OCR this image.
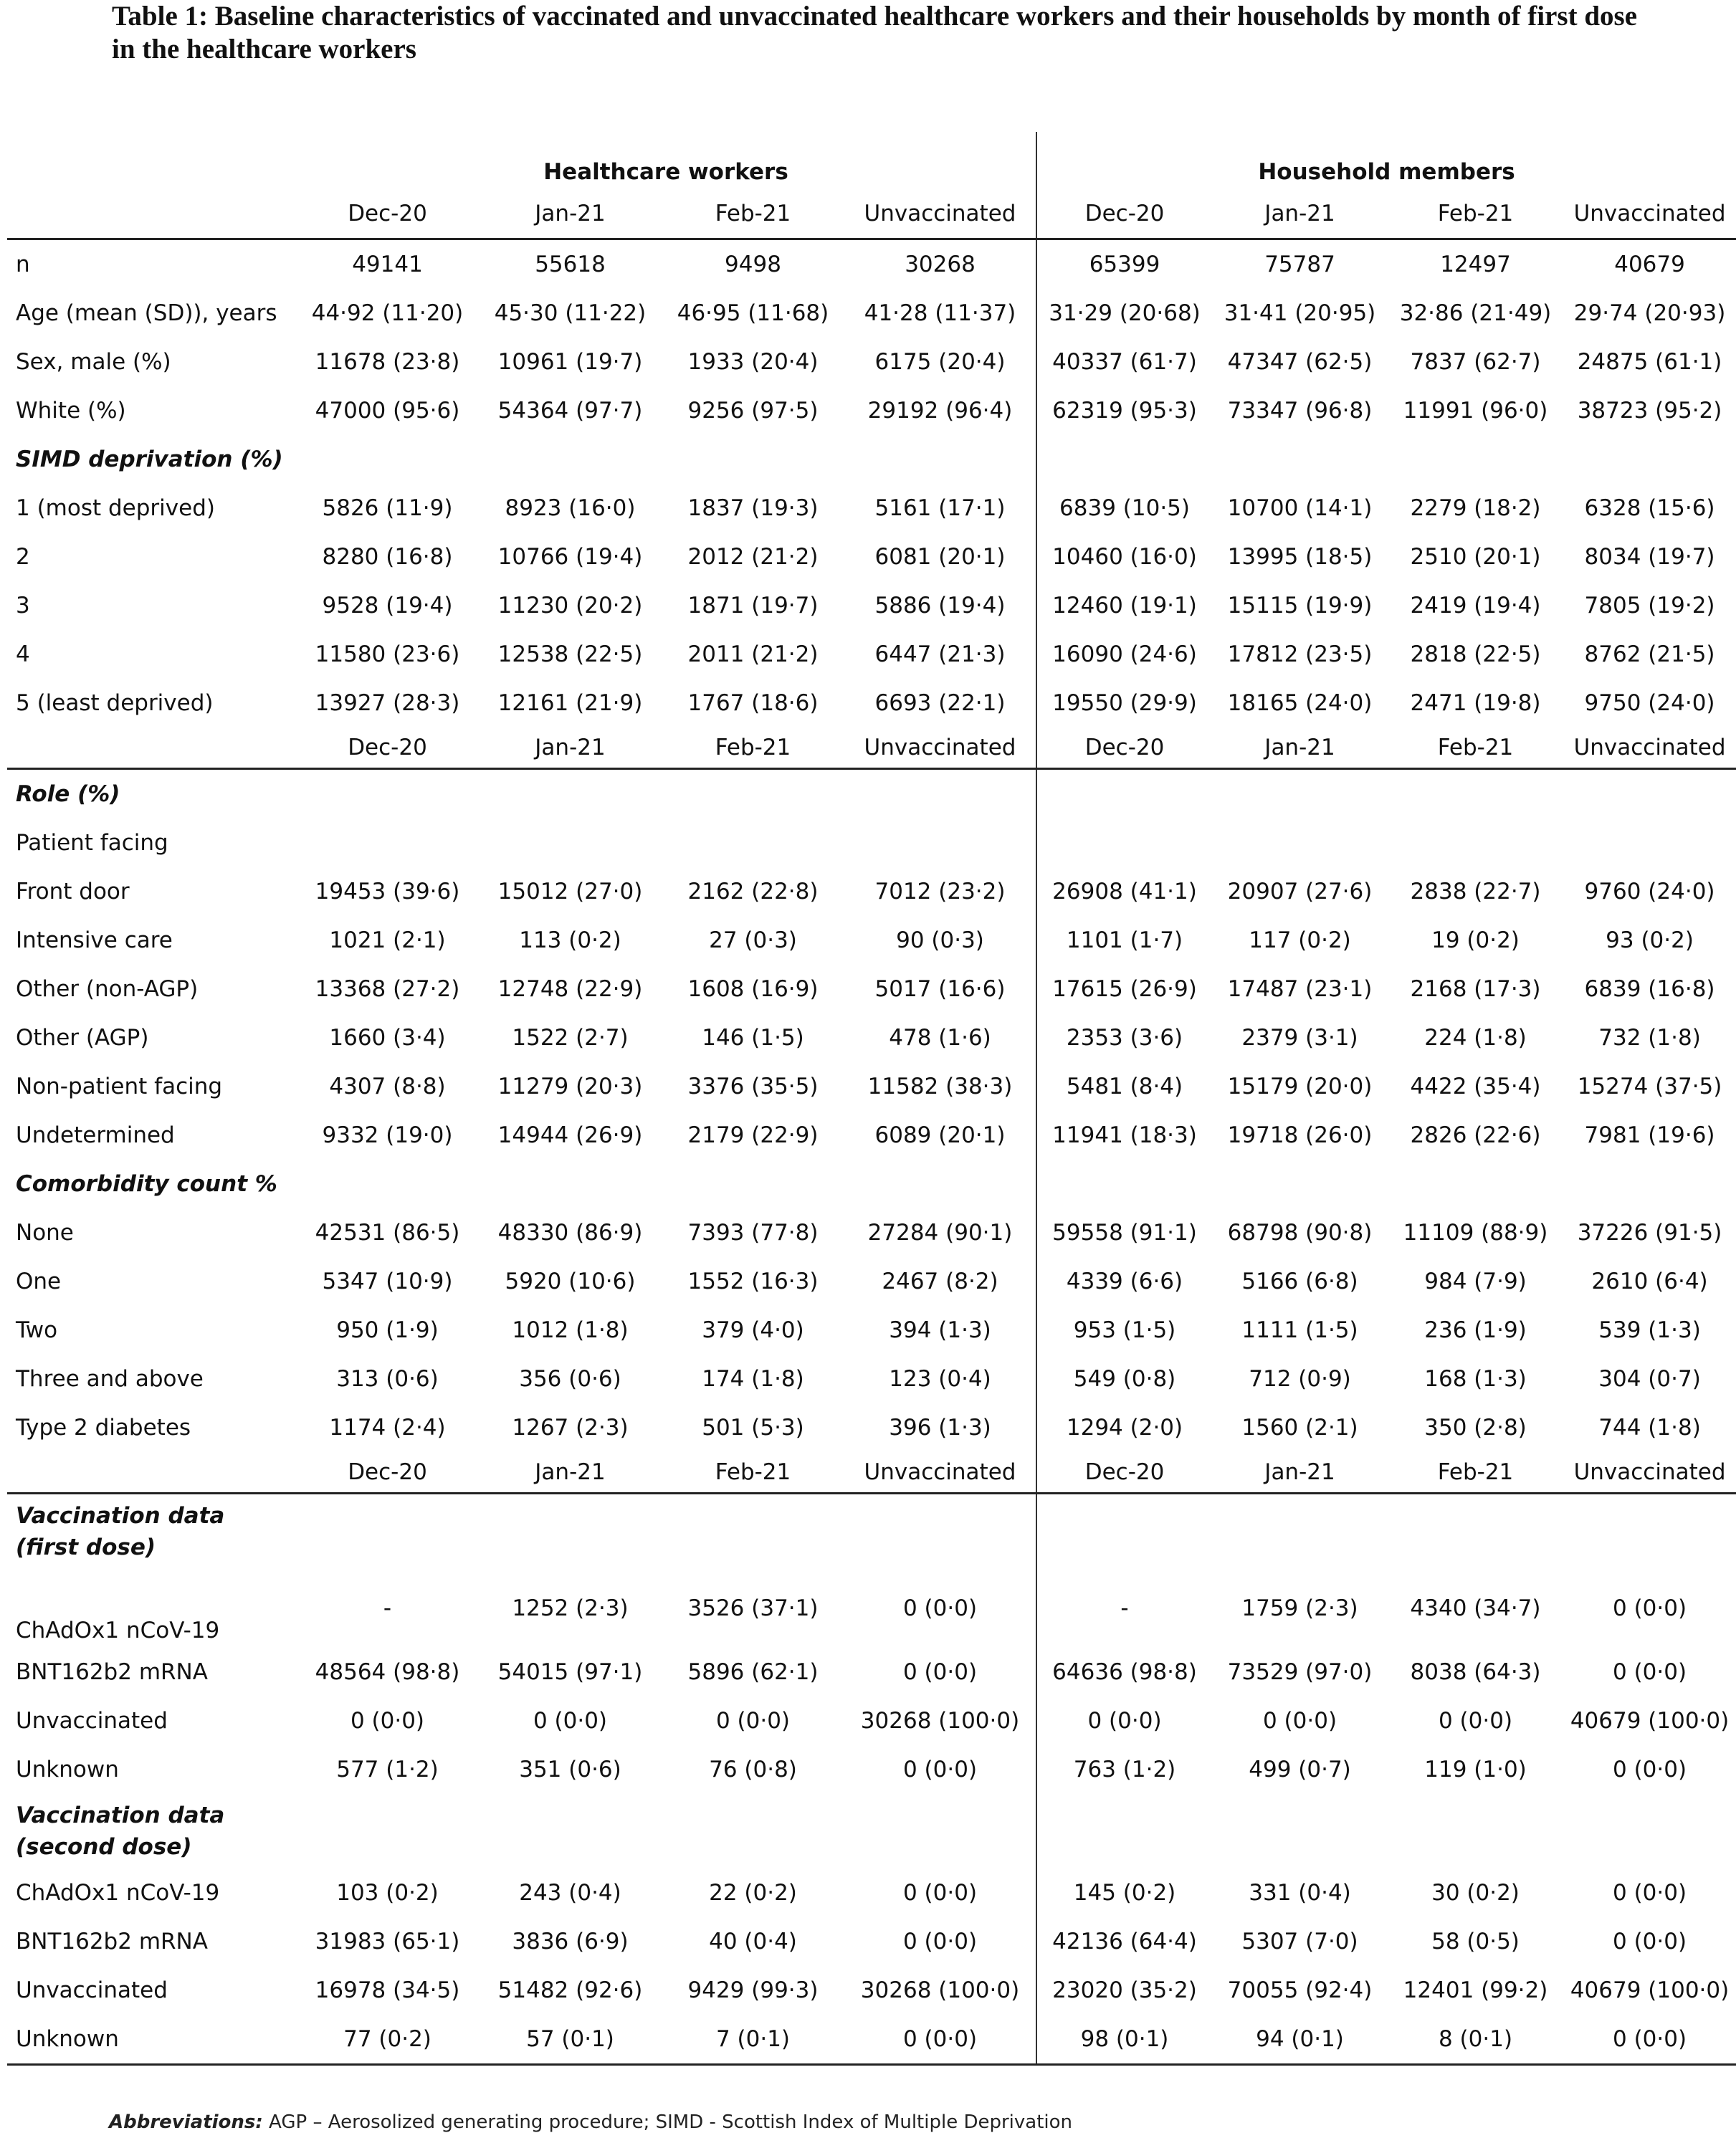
Table 1: Baseline characteristics of vaccinated and unvaccinated healthcare workers and their households by month of first dose in the healthcare workers
	Healthcare workers				Household members			
	Dec-20	Jan-21	Feb-21	Unvaccinated	Dec-20	Jan-21	Feb-21	Unvaccinated
n	49141	55618	9498	30268	65399	75787	12497	40679
Age (mean (SD)), years	44·92 (11·20)	45·30 (11·22)	46·95 (11·68)	41·28 (11·37)	31·29 (20·68)	31·41 (20·95)	32·86 (21·49)	29·74 (20·93)
Sex, male (%)	11678 (23·8)	10961 (19·7)	1933 (20·4)	6175 (20·4)	40337 (61·7)	47347 (62·5)	7837 (62·7)	24875 (61·1)
White (%)	47000 (95·6)	54364 (97·7)	9256 (97·5)	29192 (96·4)	62319 (95·3)	73347 (96·8)	11991 (96·0)	38723 (95·2)
SIMD deprivation (%)								
1 (most deprived)	5826 (11·9)	8923 (16·0)	1837 (19·3)	5161 (17·1)	6839 (10·5)	10700 (14·1)	2279 (18·2)	6328 (15·6)
2	8280 (16·8)	10766 (19·4)	2012 (21·2)	6081 (20·1)	10460 (16·0)	13995 (18·5)	2510 (20·1)	8034 (19·7)
3	9528 (19·4)	11230 (20·2)	1871 (19·7)	5886 (19·4)	12460 (19·1)	15115 (19·9)	2419 (19·4)	7805 (19·2)
4	11580 (23·6)	12538 (22·5)	2011 (21·2)	6447 (21·3)	16090 (24·6)	17812 (23·5)	2818 (22·5)	8762 (21·5)
5 (least deprived)	13927 (28·3)	12161 (21·9)	1767 (18·6)	6693 (22·1)	19550 (29·9)	18165 (24·0)	2471 (19·8)	9750 (24·0)
	Dec-20	Jan-21	Feb-21	Unvaccinated	Dec-20	Jan-21	Feb-21	Unvaccinated
Role (%)								
Patient facing								
Front door	19453 (39·6)	15012 (27·0)	2162 (22·8)	7012 (23·2)	26908 (41·1)	20907 (27·6)	2838 (22·7)	9760 (24·0)
Intensive care	1021 (2·1)	113 (0·2)	27 (0·3)	90 (0·3)	1101 (1·7)	117 (0·2)	19 (0·2)	93 (0·2)
Other (non-AGP)	13368 (27·2)	12748 (22·9)	1608 (16·9)	5017 (16·6)	17615 (26·9)	17487 (23·1)	2168 (17·3)	6839 (16·8)
Other (AGP)	1660 (3·4)	1522 (2·7)	146 (1·5)	478 (1·6)	2353 (3·6)	2379 (3·1)	224 (1·8)	732 (1·8)
Non-patient facing	4307 (8·8)	11279 (20·3)	3376 (35·5)	11582 (38·3)	5481 (8·4)	15179 (20·0)	4422 (35·4)	15274 (37·5)
Undetermined	9332 (19·0)	14944 (26·9)	2179 (22·9)	6089 (20·1)	11941 (18·3)	19718 (26·0)	2826 (22·6)	7981 (19·6)
Comorbidity count %								
None	42531 (86·5)	48330 (86·9)	7393 (77·8)	27284 (90·1)	59558 (91·1)	68798 (90·8)	11109 (88·9)	37226 (91·5)
One	5347 (10·9)	5920 (10·6)	1552 (16·3)	2467 (8·2)	4339 (6·6)	5166 (6·8)	984 (7·9)	2610 (6·4)
Two	950 (1·9)	1012 (1·8)	379 (4·0)	394 (1·3)	953 (1·5)	1111 (1·5)	236 (1·9)	539 (1·3)
Three and above	313 (0·6)	356 (0·6)	174 (1·8)	123 (0·4)	549 (0·8)	712 (0·9)	168 (1·3)	304 (0·7)
Type 2 diabetes	1174 (2·4)	1267 (2·3)	501 (5·3)	396 (1·3)	1294 (2·0)	1560 (2·1)	350 (2·8)	744 (1·8)
	Dec-20	Jan-21	Feb-21	Unvaccinated	Dec-20	Jan-21	Feb-21	Unvaccinated
Vaccination data (first dose)								
ChAdOx1 nCoV-19	-	1252 (2·3)	3526 (37·1)	0 (0·0)	-	1759 (2·3)	4340 (34·7)	0 (0·0)
BNT162b2 mRNA	48564 (98·8)	54015 (97·1)	5896 (62·1)	0 (0·0)	64636 (98·8)	73529 (97·0)	8038 (64·3)	0 (0·0)
Unvaccinated	0 (0·0)	0 (0·0)	0 (0·0)	30268 (100·0)	0 (0·0)	0 (0·0)	0 (0·0)	40679 (100·0)
Unknown	577 (1·2)	351 (0·6)	76 (0·8)	0 (0·0)	763 (1·2)	499 (0·7)	119 (1·0)	0 (0·0)
Vaccination data (second dose)								
ChAdOx1 nCoV-19	103 (0·2)	243 (0·4)	22 (0·2)	0 (0·0)	145 (0·2)	331 (0·4)	30 (0·2)	0 (0·0)
BNT162b2 mRNA	31983 (65·1)	3836 (6·9)	40 (0·4)	0 (0·0)	42136 (64·4)	5307 (7·0)	58 (0·5)	0 (0·0)
Unvaccinated	16978 (34·5)	51482 (92·6)	9429 (99·3)	30268 (100·0)	23020 (35·2)	70055 (92·4)	12401 (99·2)	40679 (100·0)
Unknown	77 (0·2)	57 (0·1)	7 (0·1)	0 (0·0)	98 (0·1)	94 (0·1)	8 (0·1)	0 (0·0)
Abbreviations: AGP – Aerosolized generating procedure; SIMD - Scottish Index of Multiple Deprivation
